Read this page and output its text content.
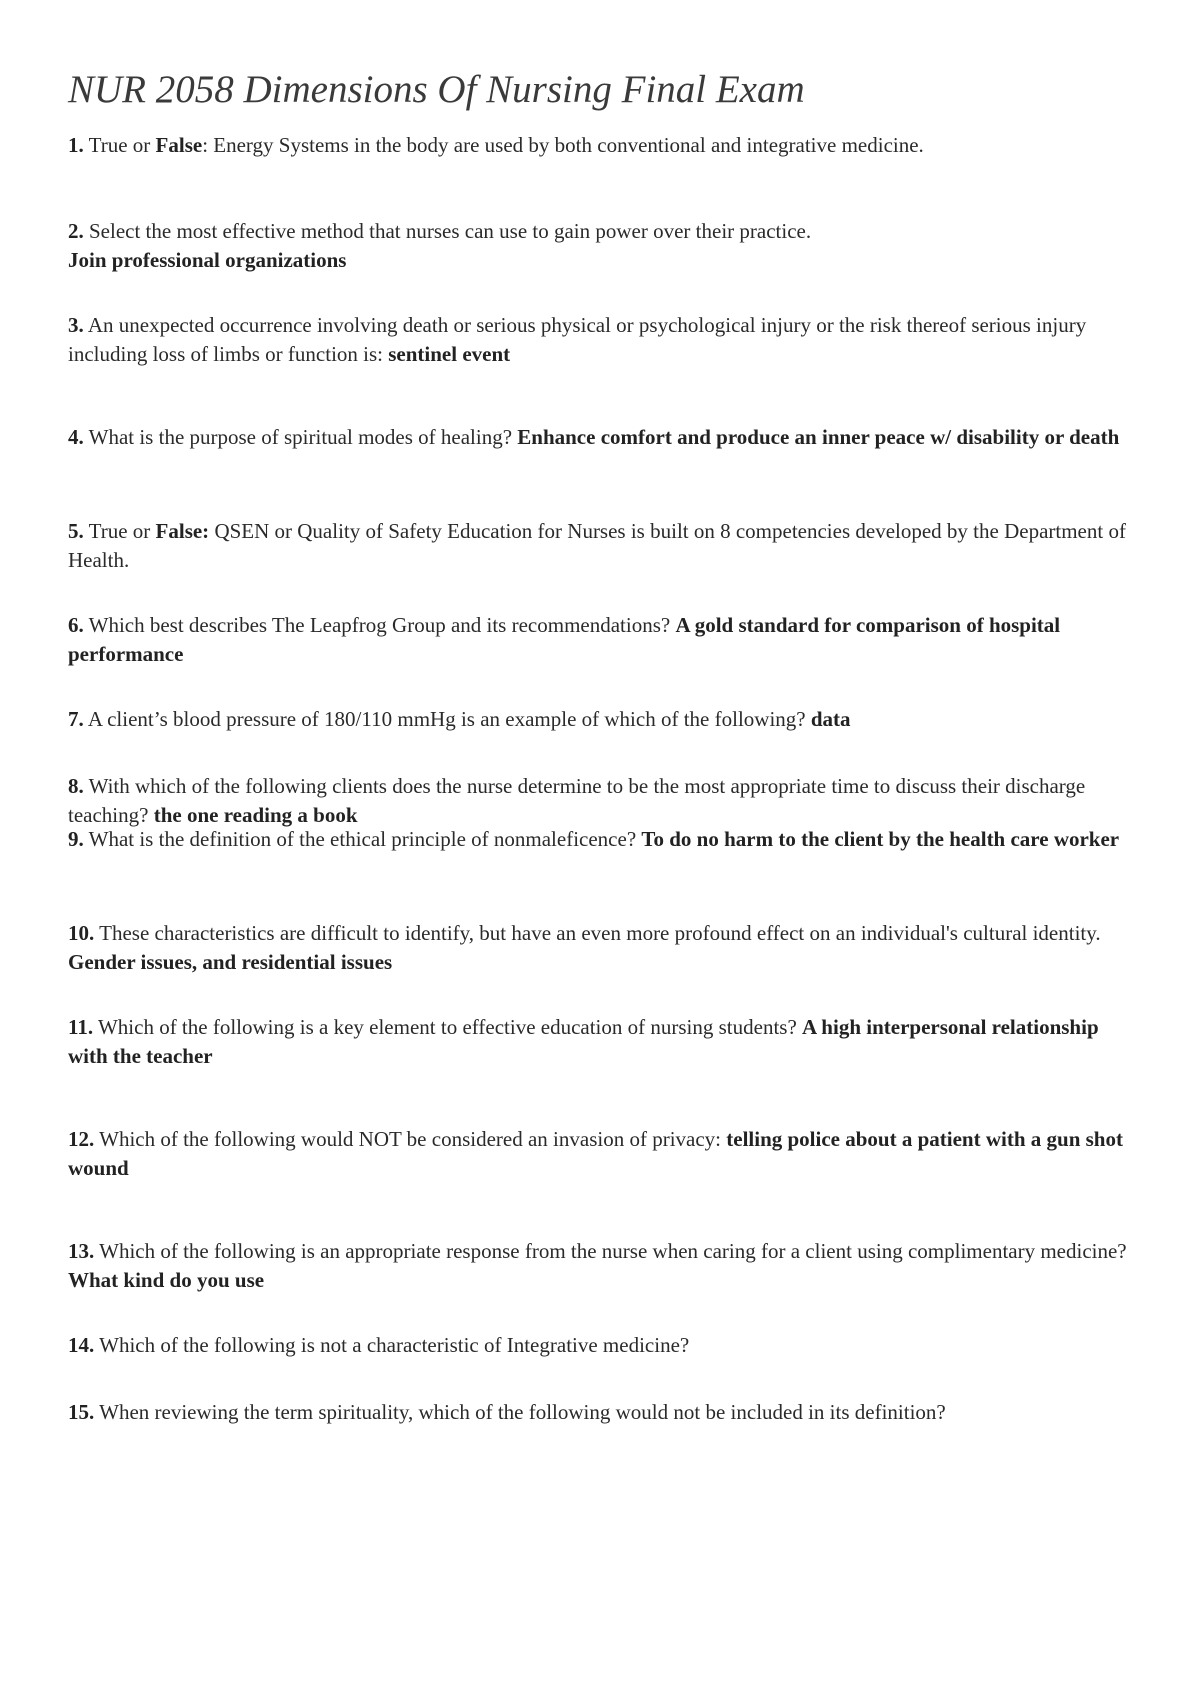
NUR 2058 Dimensions Of Nursing Final Exam

1. True or False: Energy Systems in the body are used by both conventional and integrative medicine.

2. Select the most effective method that nurses can use to gain power over their practice.
Join professional organizations

3. An unexpected occurrence involving death or serious physical or psychological injury or the risk thereof serious injury including loss of limbs or function is: sentinel event

4. What is the purpose of spiritual modes of healing? Enhance comfort and produce an inner peace w/ disability or death

5. True or False: QSEN or Quality of Safety Education for Nurses is built on 8 competencies developed by the Department of Health.

6. Which best describes The Leapfrog Group and its recommendations? A gold standard for comparison of hospital performance

7. A client’s blood pressure of 180/110 mmHg is an example of which of the following? data

8. With which of the following clients does the nurse determine to be the most appropriate time to discuss their discharge teaching? the one reading a book

9. What is the definition of the ethical principle of nonmaleficence? To do no harm to the client by the health care worker

10. These characteristics are difficult to identify, but have an even more profound effect on an individual's cultural identity. Gender issues, and residential issues

11. Which of the following is a key element to effective education of nursing students? A high interpersonal relationship with the teacher

12. Which of the following would NOT be considered an invasion of privacy: telling police about a patient with a gun shot wound

13. Which of the following is an appropriate response from the nurse when caring for a client using complimentary medicine? What kind do you use

14. Which of the following is not a characteristic of Integrative medicine?

15. When reviewing the term spirituality, which of the following would not be included in its definition?
